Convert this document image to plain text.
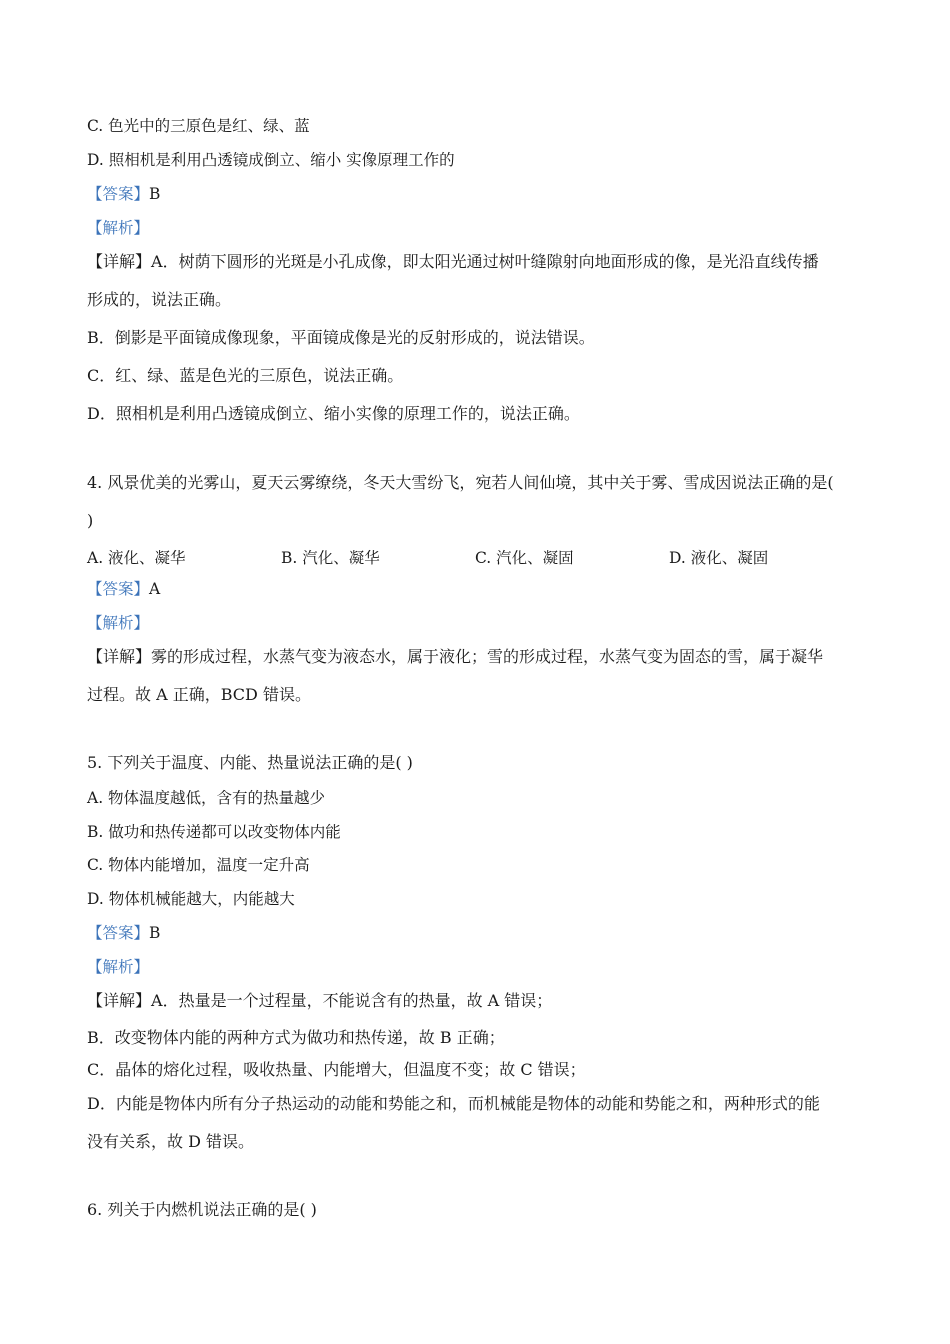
C. 色光中的三原色是红、绿、蓝
D. 照相机是利用凸透镜成倒立、缩小 实像原理工作的
【答案】B
【解析】
【详解】A．树荫下圆形的光斑是小孔成像，即太阳光通过树叶缝隙射向地面形成的像，是光沿直线传播
形成的，说法正确。
B．倒影是平面镜成像现象，平面镜成像是光的反射形成的，说法错误。
C．红、绿、蓝是色光的三原色，说法正确。
D．照相机是利用凸透镜成倒立、缩小实像的原理工作的，说法正确。
4. 风景优美的光雾山，夏天云雾缭绕，冬天大雪纷飞，宛若人间仙境，其中关于雾、雪成因说法正确的是(
)
A. 液化、凝华	B. 汽化、凝华	C. 汽化、凝固	D. 液化、凝固
【答案】A
【解析】
【详解】雾的形成过程，水蒸气变为液态水，属于液化；雪的形成过程，水蒸气变为固态的雪，属于凝华
过程。故 A 正确，BCD 错误。
5. 下列关于温度、内能、热量说法正确的是( )
A. 物体温度越低，含有的热量越少
B. 做功和热传递都可以改变物体内能
C. 物体内能增加，温度一定升高
D. 物体机械能越大，内能越大
【答案】B
【解析】
【详解】A．热量是一个过程量，不能说含有的热量，故 A 错误；
B．改变物体内能的两种方式为做功和热传递，故 B 正确；
C．晶体的熔化过程，吸收热量、内能增大，但温度不变；故 C 错误；
D．内能是物体内所有分子热运动的动能和势能之和，而机械能是物体的动能和势能之和，两种形式的能
没有关系，故 D 错误。
6. 列关于内燃机说法正确的是( )
